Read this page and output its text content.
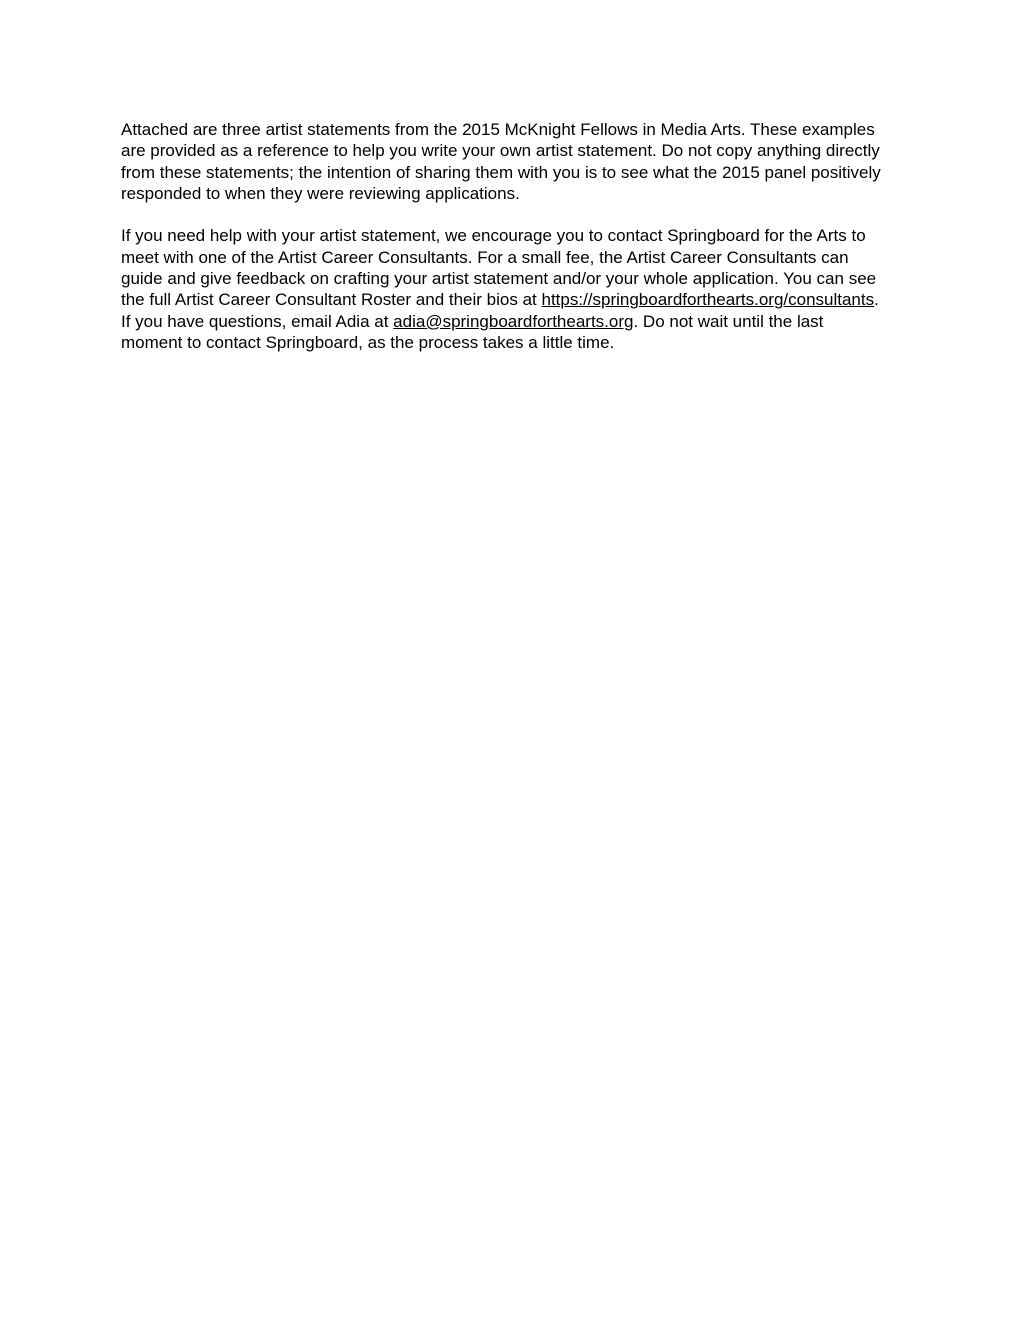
Attached are three artist statements from the 2015 McKnight Fellows in Media Arts. These examples are provided as a reference to help you write your own artist statement. Do not copy anything directly from these statements; the intention of sharing them with you is to see what the 2015 panel positively responded to when they were reviewing applications.

If you need help with your artist statement, we encourage you to contact Springboard for the Arts to meet with one of the Artist Career Consultants. For a small fee, the Artist Career Consultants can guide and give feedback on crafting your artist statement and/or your whole application. You can see the full Artist Career Consultant Roster and their bios at https://​springboardforthearts.org/consultants. If you have questions, email Adia at adia@springboardforthearts.org. Do not wait until the last moment to contact Springboard, as the process takes a little time.
